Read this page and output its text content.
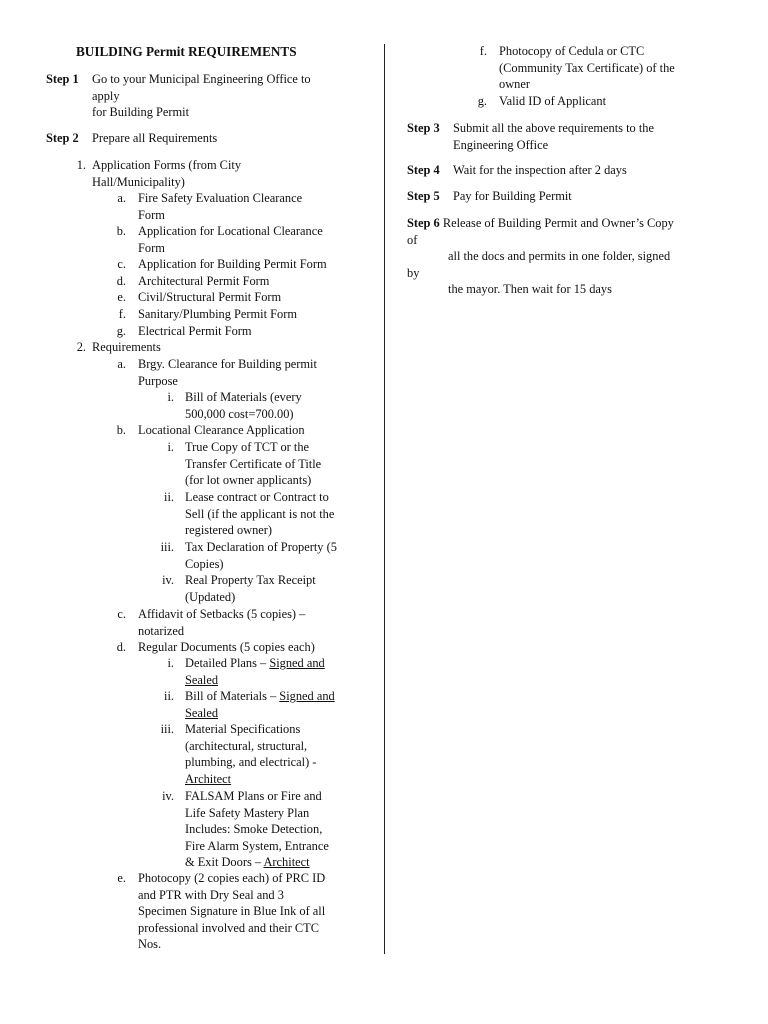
BUILDING Permit REQUIREMENTS
Step 1	Go to your Municipal Engineering Office to
apply
for Building Permit
Step 2	Prepare all Requirements
1. Application Forms (from City
Hall/Municipality)
a. Fire Safety Evaluation Clearance
Form
b. Application for Locational Clearance
Form
c. Application for Building Permit Form
d. Architectural Permit Form
e. Civil/Structural Permit Form
f. Sanitary/Plumbing Permit Form
g. Electrical Permit Form
2. Requirements
a. Brgy. Clearance for Building permit
Purpose
i. Bill of Materials (every
500,000 cost=700.00)
b. Locational Clearance Application
i. True Copy of TCT or the
Transfer Certificate of Title
(for lot owner applicants)
ii. Lease contract or Contract to
Sell (if the applicant is not the
registered owner)
iii. Tax Declaration of Property (5
Copies)
iv. Real Property Tax Receipt
(Updated)
c. Affidavit of Setbacks (5 copies) –
notarized
d. Regular Documents (5 copies each)
i. Detailed Plans – Signed and
Sealed
ii. Bill of Materials – Signed and
Sealed
iii. Material Specifications
(architectural, structural,
plumbing, and electrical) -
Architect
iv. FALSAM Plans or Fire and
Life Safety Mastery Plan
Includes: Smoke Detection,
Fire Alarm System, Entrance
& Exit Doors – Architect
e. Photocopy (2 copies each) of PRC ID
and PTR with Dry Seal and 3
Specimen Signature in Blue Ink of all
professional involved and their CTC
Nos.
f. Photocopy of Cedula or CTC
(Community Tax Certificate) of the
owner
g. Valid ID of Applicant
Step 3	Submit all the above requirements to the
Engineering Office
Step 4	Wait for the inspection after 2 days
Step 5	Pay for Building Permit
Step 6 Release of Building Permit and Owner’s Copy
of
all the docs and permits in one folder, signed
by
the mayor. Then wait for 15 days
